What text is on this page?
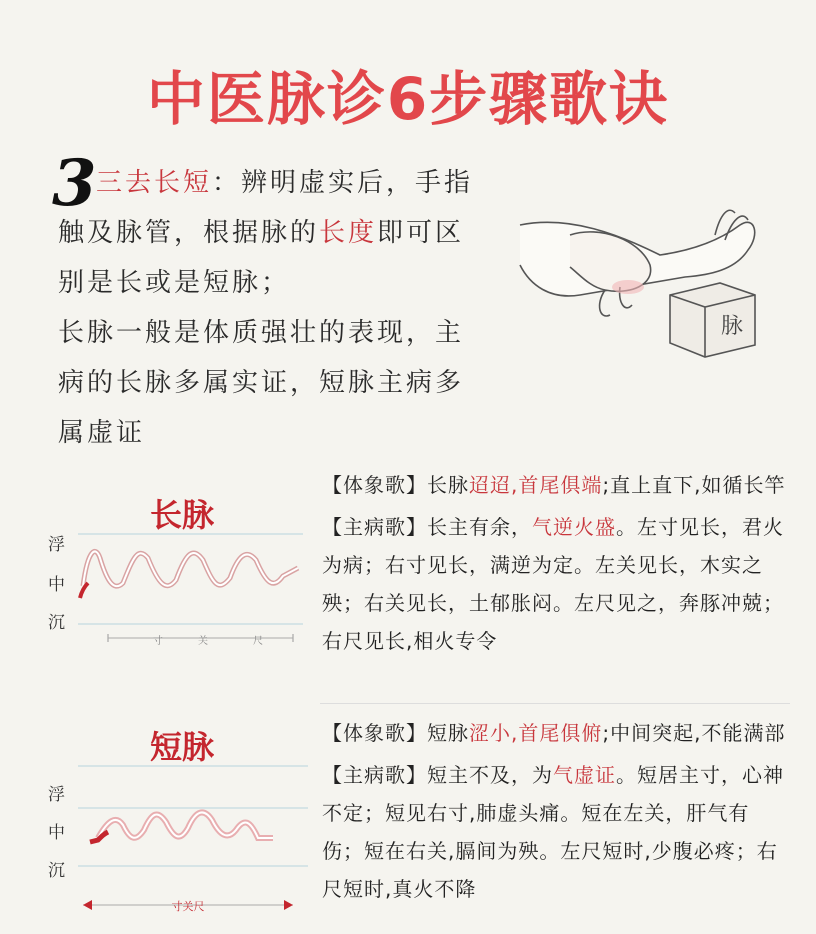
中医脉诊6步骤歌诀
3 三去长短：辨明虚实后，手指
触及脉管，根据脉的长度即可区
别是长或是短脉；
长脉一般是体质强壮的表现，主
病的长脉多属实证，短脉主病多
属虚证
脉
长脉
浮
中
沉
寸	关	尺

【体象歌】长脉迢迢,首尾俱端;直上直下,如循长竿

【主病歌】长主有余，气逆火盛。左寸见长，君火为病；右寸见长，满逆为定。左关见长，木实之殃；右关见长，土郁胀闷。左尺见之，奔豚冲兢；右尺见长,相火专令

短脉
浮
中
沉
寸关尺

【体象歌】短脉涩小,首尾俱俯;中间突起,不能满部

【主病歌】短主不及，为气虚证。短居主寸，心神不定；短见右寸,肺虚头痛。短在左关，肝气有伤；短在右关,膈间为殃。左尺短时,少腹必疼；右尺短时,真火不降
